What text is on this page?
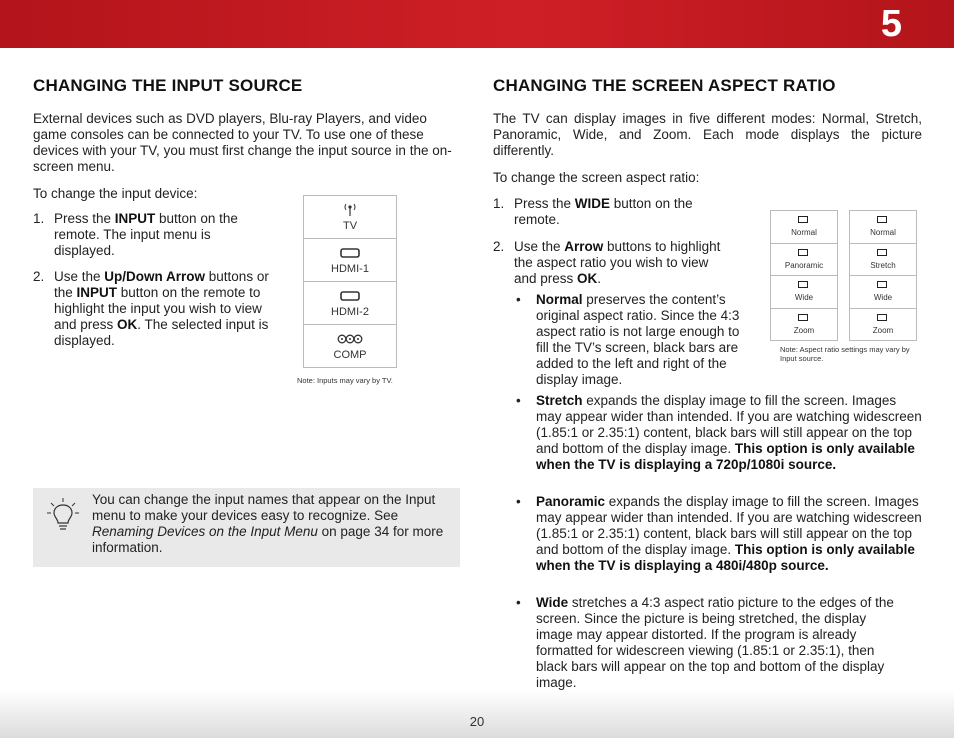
5
CHANGING THE INPUT SOURCE

External devices such as DVD players, Blu-ray Players, and video game consoles can be connected to your TV. To use one of these devices with your TV, you must first change the input source in the on-screen menu.

To change the input device:

1. Press the INPUT button on the remote. The input menu is displayed.

2. Use the Up/Down Arrow buttons or the INPUT button on the remote to highlight the input you wish to view and press OK. The selected input is displayed.

TV
HDMI-1
HDMI-2
COMP
Note: Inputs may vary by TV.

You can change the input names that appear on the Input menu to make your devices easy to recognize. See Renaming Devices on the Input Menu on page 34 for more information.

CHANGING THE SCREEN ASPECT RATIO

The TV can display images in five different modes: Normal, Stretch, Panoramic, Wide, and Zoom. Each mode displays the picture differently.

To change the screen aspect ratio:

1. Press the WIDE button on the remote.

2. Use the Arrow buttons to highlight the aspect ratio you wish to view and press OK.

Normal
Panoramic
Wide
Zoom
Normal
Stretch
Wide
Zoom
Note: Aspect ratio settings may vary by Input source.
• Normal preserves the content’s original aspect ratio. Since the 4:3 aspect ratio is not large enough to fill the TV’s screen, black bars are added to the left and right of the display image.

• Stretch expands the display image to fill the screen. Images may appear wider than intended. If you are watching widescreen (1.85:1 or 2.35:1) content, black bars will still appear on the top and bottom of the display image. This option is only available when the TV is displaying a 720p/1080i source.

• Panoramic expands the display image to fill the screen. Images may appear wider than intended. If you are watching widescreen (1.85:1 or 2.35:1) content, black bars will still appear on the top and bottom of the display image. This option is only available when the TV is displaying a 480i/480p source.

• Wide stretches a 4:3 aspect ratio picture to the edges of the screen. Since the picture is being stretched, the display image may appear distorted. If the program is already formatted for widescreen viewing (1.85:1 or 2.35:1), then black bars will appear on the top and bottom of the display image.

20
